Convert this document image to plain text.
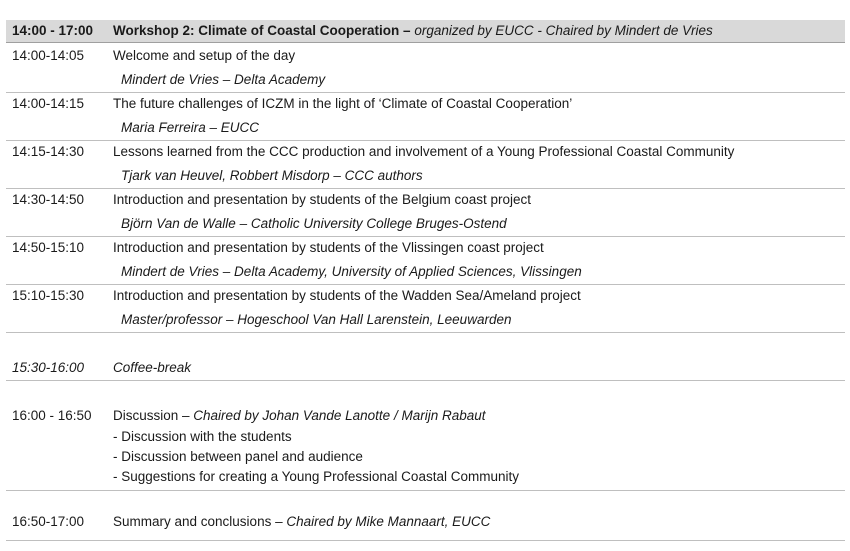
14:00 - 17:00 Workshop 2: Climate of Coastal Cooperation – organized by EUCC - Chaired by Mindert de Vries
14:00-14:05 Welcome and setup of the day
Mindert de Vries – Delta Academy
14:00-14:15 The future challenges of ICZM in the light of ‘Climate of Coastal Cooperation’
Maria Ferreira – EUCC
14:15-14:30 Lessons learned from the CCC production and involvement of a Young Professional Coastal Community
Tjark van Heuvel, Robbert Misdorp – CCC authors
14:30-14:50 Introduction and presentation by students of the Belgium coast project
Björn Van de Walle – Catholic University College Bruges-Ostend
14:50-15:10 Introduction and presentation by students of the Vlissingen coast project
Mindert de Vries – Delta Academy, University of Applied Sciences, Vlissingen
15:10-15:30 Introduction and presentation by students of the Wadden Sea/Ameland project
Master/professor – Hogeschool Van Hall Larenstein, Leeuwarden
15:30-16:00 Coffee-break
16:00 - 16:50 Discussion – Chaired by Johan Vande Lanotte / Marijn Rabaut
- Discussion with the students
- Discussion between panel and audience
- Suggestions for creating a Young Professional Coastal Community
16:50-17:00 Summary and conclusions – Chaired by Mike Mannaart, EUCC
